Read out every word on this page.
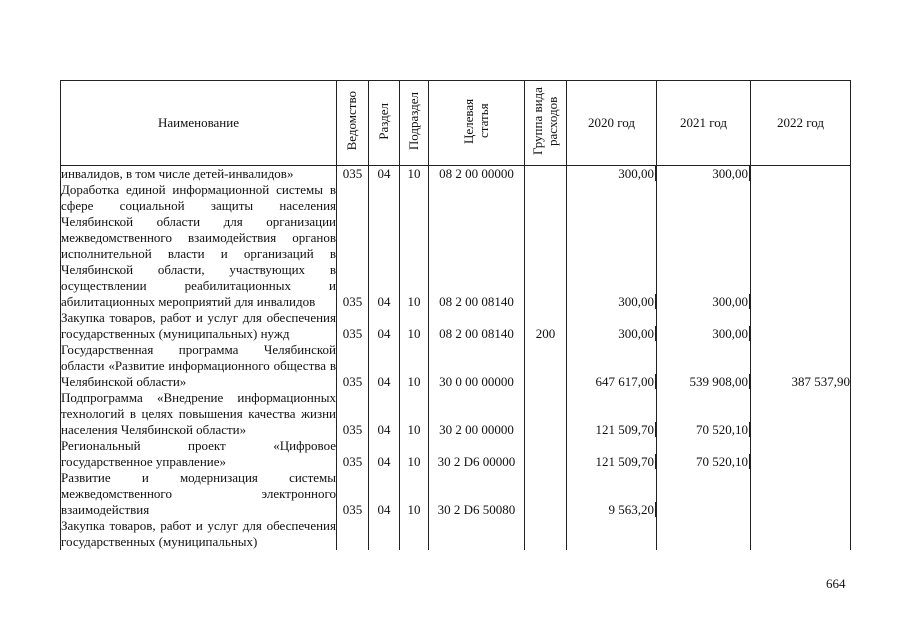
Наименование	Ведомство	Раздел	Подраздел	Целевая статья	Группа вида расходов	2020 год	2021 год	2022 год
инвалидов, в том числе детей-инвалидов»	035	04	10	08 2 00 00000		300,00	300,00	
Доработка единой информационной системы в сфере социальной защиты населения Челябинской области для организации межведомственного взаимодействия органов исполнительной власти и организаций в Челябинской области, участвующих в осуществлении реабилитационных и абилитационных мероприятий для инвалидов	035	04	10	08 2 00 08140		300,00	300,00	
Закупка товаров, работ и услуг для обеспечения государственных (муниципальных) нужд	035	04	10	08 2 00 08140	200	300,00	300,00	
Государственная программа Челябинской области «Развитие информационного общества в Челябинской области»	035	04	10	30 0 00 00000		647 617,00	539 908,00	387 537,90
Подпрограмма «Внедрение информационных технологий в целях повышения качества жизни населения Челябинской области»	035	04	10	30 2 00 00000		121 509,70	70 520,10	
Региональный проект «Цифровое государственное управление»	035	04	10	30 2 D6 00000		121 509,70	70 520,10	
Развитие и модернизация системы межведомственного электронного взаимодействия	035	04	10	30 2 D6 50080		9 563,20		
Закупка товаров, работ и услуг для обеспечения государственных (муниципальных)								
664
